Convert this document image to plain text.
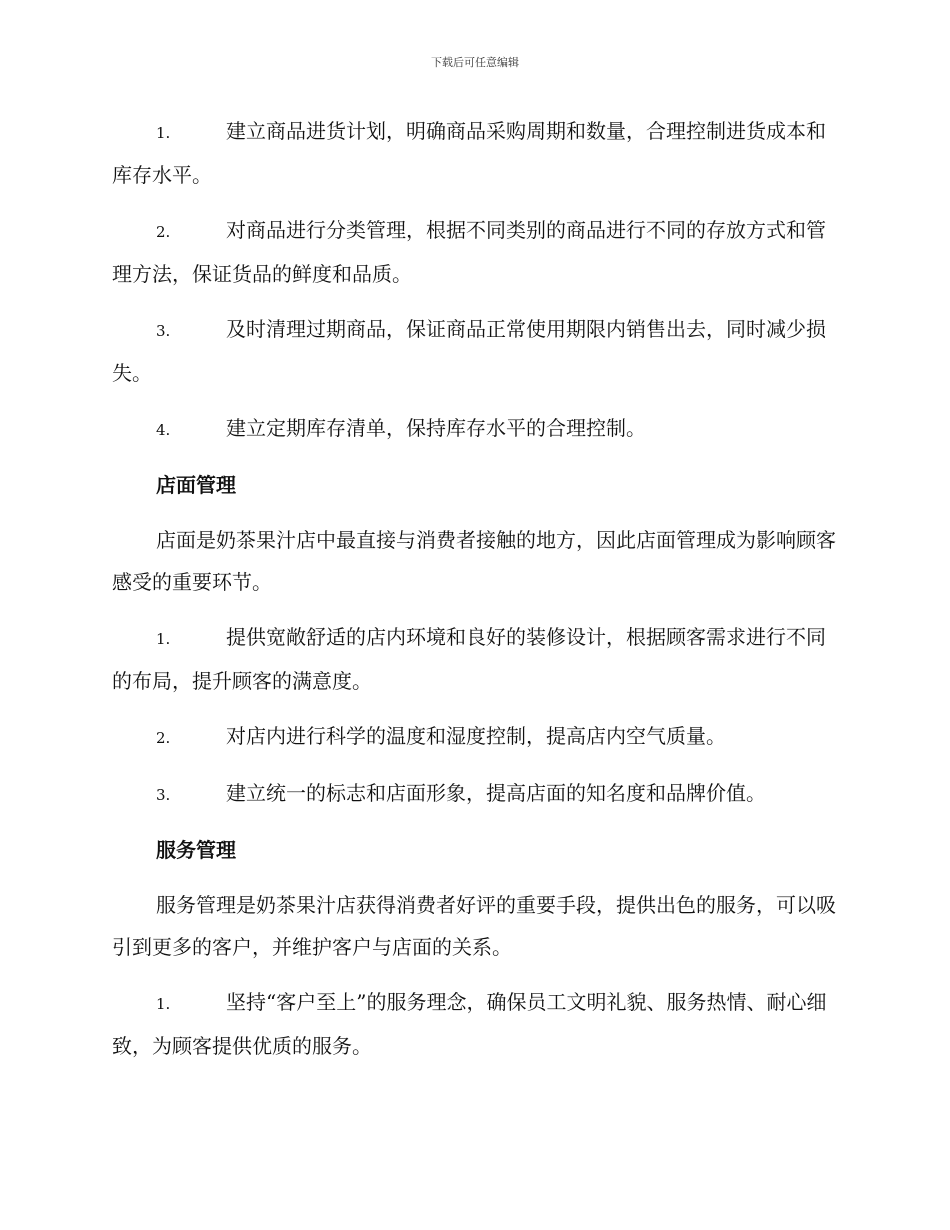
下载后可任意编辑

1.	建立商品进货计划，明确商品采购周期和数量，合理控制进货成本和库存水平。

2.	对商品进行分类管理，根据不同类别的商品进行不同的存放方式和管理方法，保证货品的鲜度和品质。

3.	及时清理过期商品，保证商品正常使用期限内销售出去，同时减少损失。

4.	建立定期库存清单，保持库存水平的合理控制。

店面管理

店面是奶茶果汁店中最直接与消费者接触的地方，因此店面管理成为影响顾客感受的重要环节。

1.	提供宽敞舒适的店内环境和良好的装修设计，根据顾客需求进行不同的布局，提升顾客的满意度。

2.	对店内进行科学的温度和湿度控制，提高店内空气质量。

3.	建立统一的标志和店面形象，提高店面的知名度和品牌价值。

服务管理

服务管理是奶茶果汁店获得消费者好评的重要手段，提供出色的服务，可以吸引到更多的客户，并维护客户与店面的关系。

1.	坚持“客户至上”的服务理念，确保员工文明礼貌、服务热情、耐心细致，为顾客提供优质的服务。
